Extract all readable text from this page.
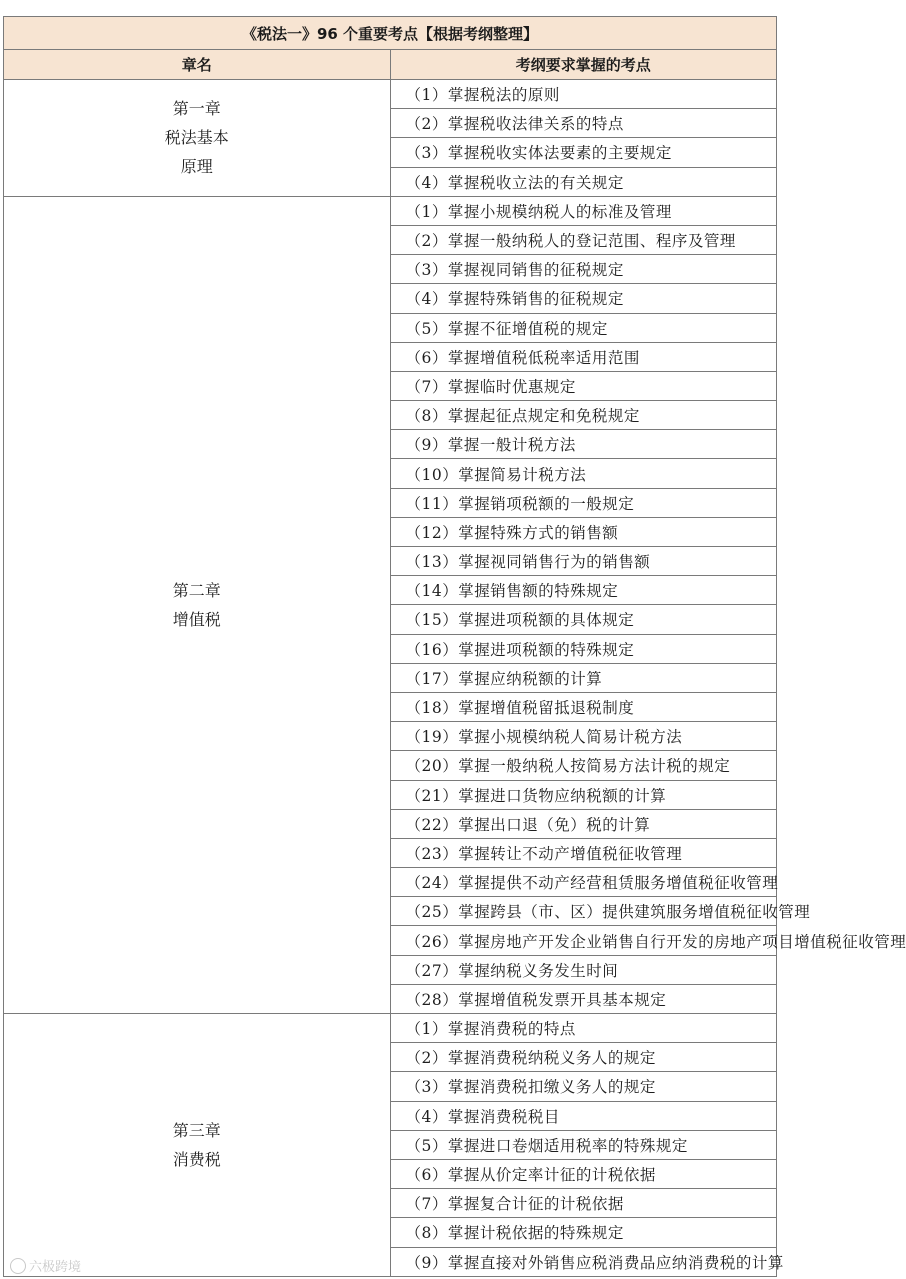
《税法一》96 个重要考点【根据考纲整理】	
章名	考纲要求掌握的考点

第一章
税法基本
原理	（1）掌握税法的原则
	（2）掌握税收法律关系的特点
	（3）掌握税收实体法要素的主要规定
	（4）掌握税收立法的有关规定

第二章
增值税	（1）掌握小规模纳税人的标准及管理
	（2）掌握一般纳税人的登记范围、程序及管理
	（3）掌握视同销售的征税规定
	（4）掌握特殊销售的征税规定
	（5）掌握不征增值税的规定
	（6）掌握增值税低税率适用范围
	（7）掌握临时优惠规定
	（8）掌握起征点规定和免税规定
	（9）掌握一般计税方法
	（10）掌握简易计税方法
	（11）掌握销项税额的一般规定
	（12）掌握特殊方式的销售额
	（13）掌握视同销售行为的销售额
	（14）掌握销售额的特殊规定
	（15）掌握进项税额的具体规定
	（16）掌握进项税额的特殊规定
	（17）掌握应纳税额的计算
	（18）掌握增值税留抵退税制度
	（19）掌握小规模纳税人简易计税方法
	（20）掌握一般纳税人按简易方法计税的规定
	（21）掌握进口货物应纳税额的计算
	（22）掌握出口退（免）税的计算
	（23）掌握转让不动产增值税征收管理
	（24）掌握提供不动产经营租赁服务增值税征收管理
	（25）掌握跨县（市、区）提供建筑服务增值税征收管理
	（26）掌握房地产开发企业销售自行开发的房地产项目增值税征收管理
	（27）掌握纳税义务发生时间
	（28）掌握增值税发票开具基本规定

第三章
消费税	（1）掌握消费税的特点
	（2）掌握消费税纳税义务人的规定
	（3）掌握消费税扣缴义务人的规定
	（4）掌握消费税税目
	（5）掌握进口卷烟适用税率的特殊规定
	（6）掌握从价定率计征的计税依据
	（7）掌握复合计征的计税依据
	（8）掌握计税依据的特殊规定
	（9）掌握直接对外销售应税消费品应纳消费税的计算
六极跨境
